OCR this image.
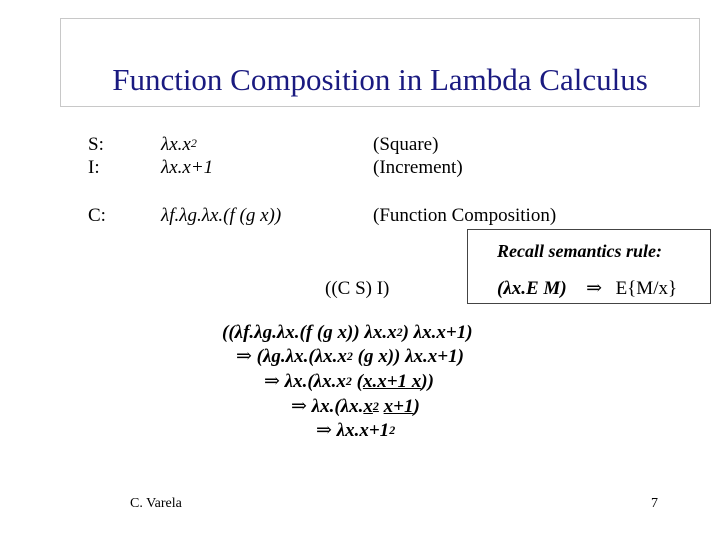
Function Composition in Lambda Calculus
S:	$\lambda x.x^2$	(Square)
I:	λx.x+1	(Increment)
C:	λf.λg.λx.(f (g x))	(Function Composition)
Recall semantics rule:
(λx.E M) ⇒ E{M/x}
((C S) I)
((λf.λg.λx.(f (g x)) $\lambda x.x^2$) λx.x+1)
⇒ ($\lambda g.\lambda x.(\lambda x.x^2$ (g x)) λx.x+1)
⇒ $\lambda x.(\lambda x.x^2$ (x.x+1 x))
⇒ $\lambda x.(\lambda x.x^2$ x+1)
⇒ $\lambda x.x+1^2$
C. Varela	7
